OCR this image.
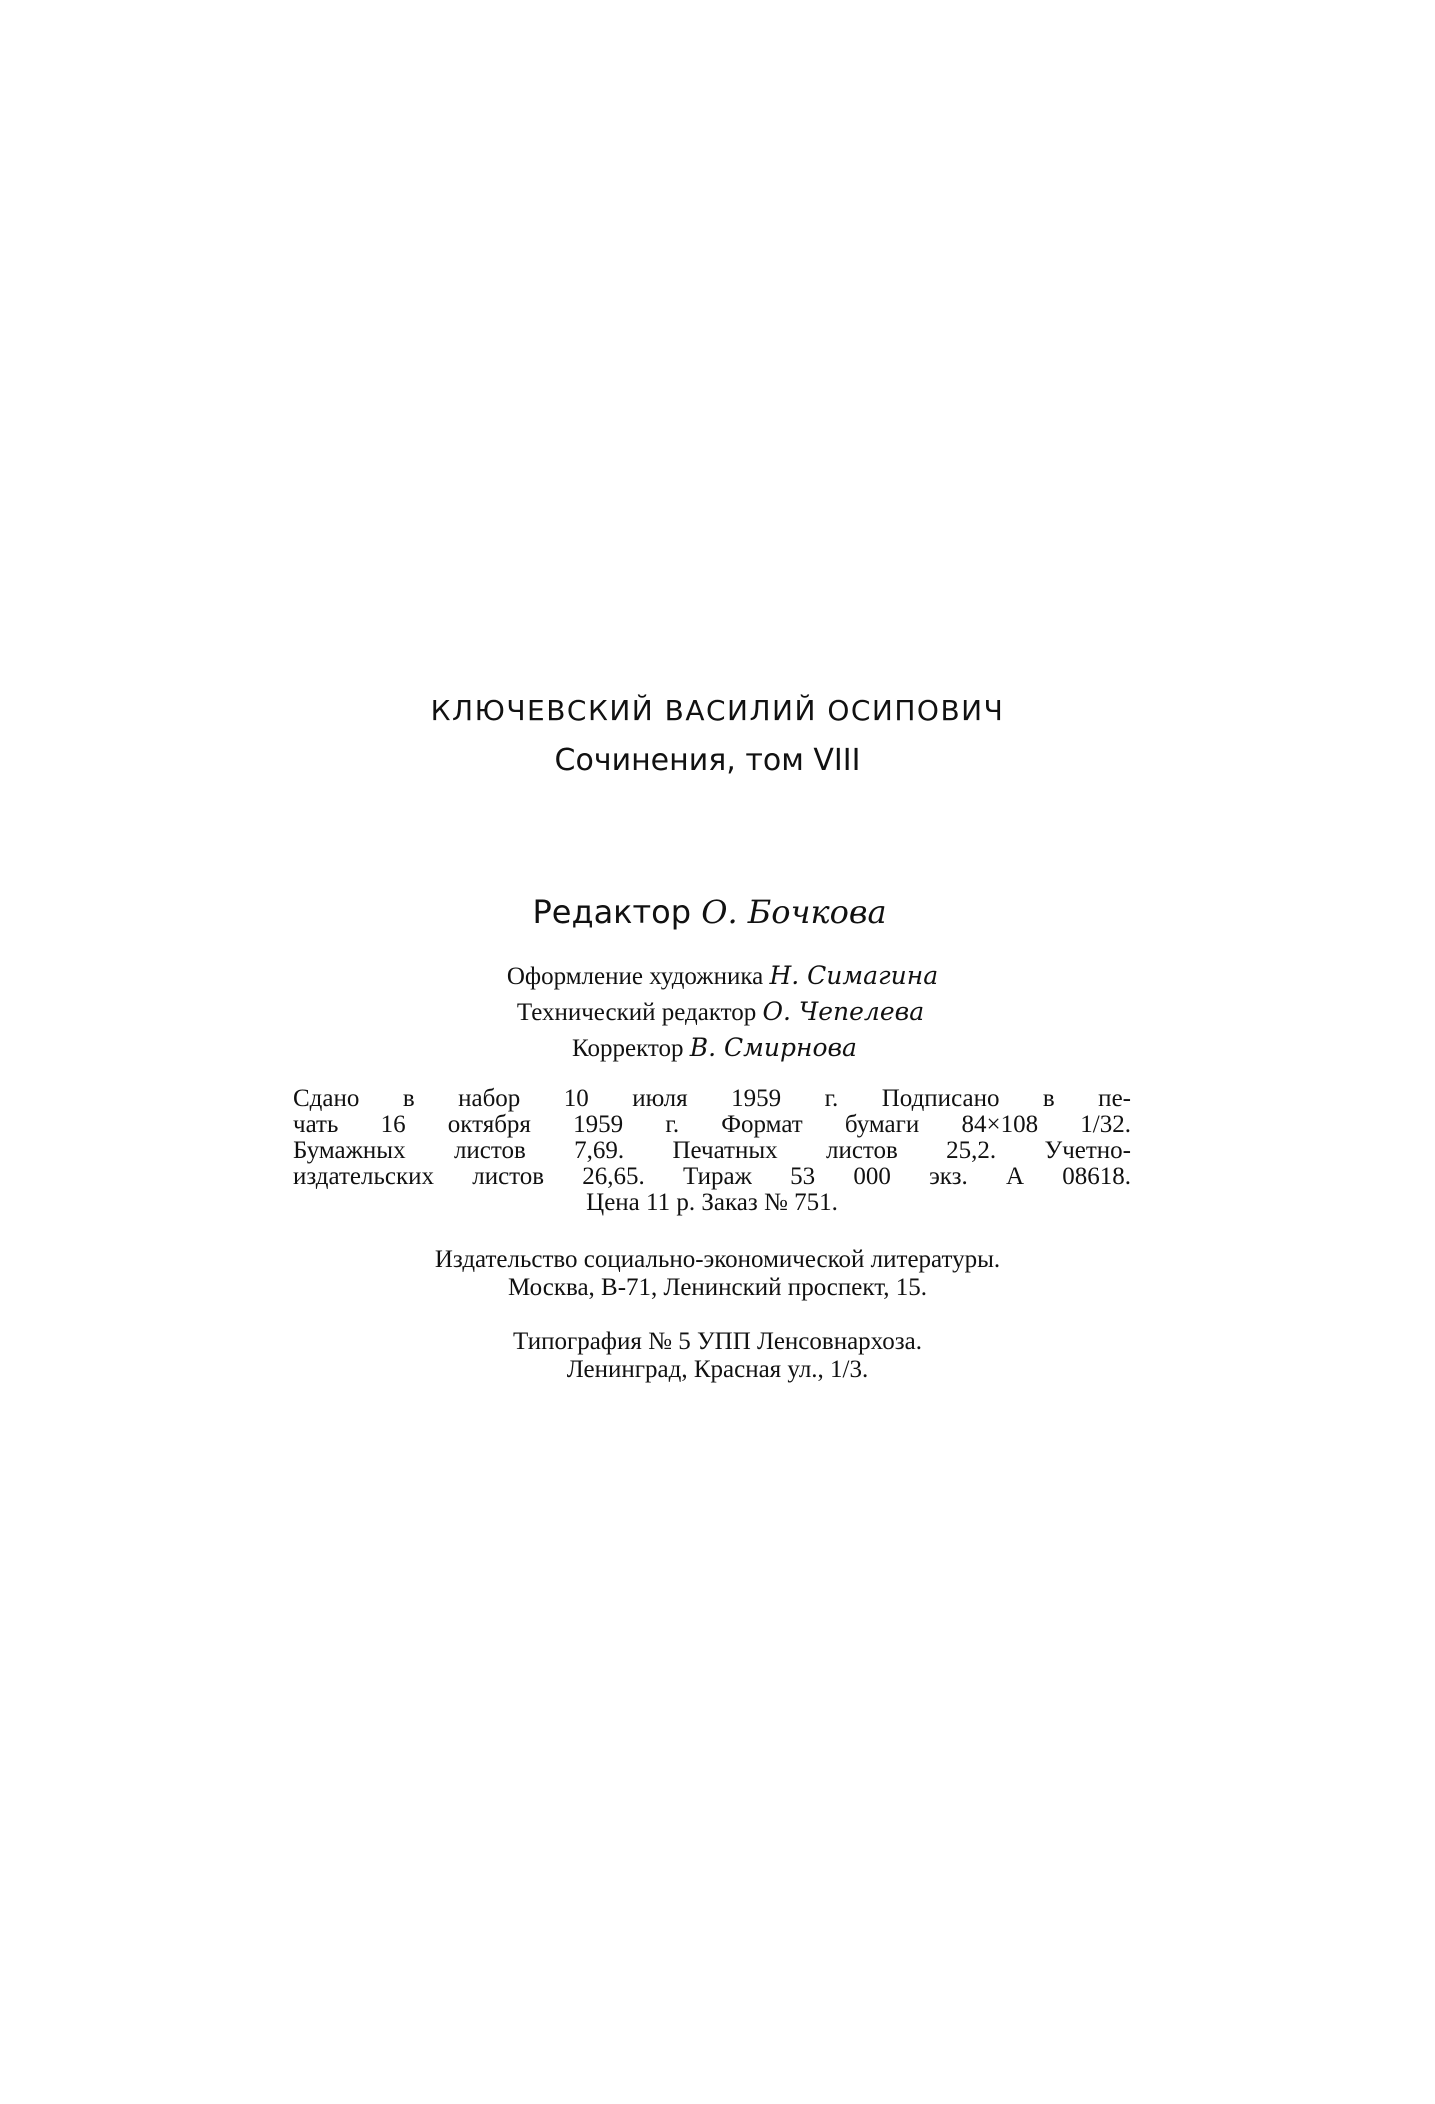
КЛЮЧЕВСКИЙ ВАСИЛИЙ ОСИПОВИЧ
Сочинения, том VIII
Редактор О. Бочкова
Оформление художника Н. Симагина
Технический редактор О. Чепелева
Корректор В. Смирнова
Сдано в набор 10 июля 1959 г. Подписано в пе-
чать 16 октября 1959 г. Формат бумаги 84×108 1/32.
Бумажных листов 7,69. Печатных листов 25,2. Учетно-
издательских листов 26,65. Тираж 53 000 экз. А 08618.
Цена 11 р. Заказ № 751.
Издательство социально-экономической литературы.
Москва, В-71, Ленинский проспект, 15.
Типография № 5 УПП Ленсовнархоза.
Ленинград, Красная ул., 1/3.
